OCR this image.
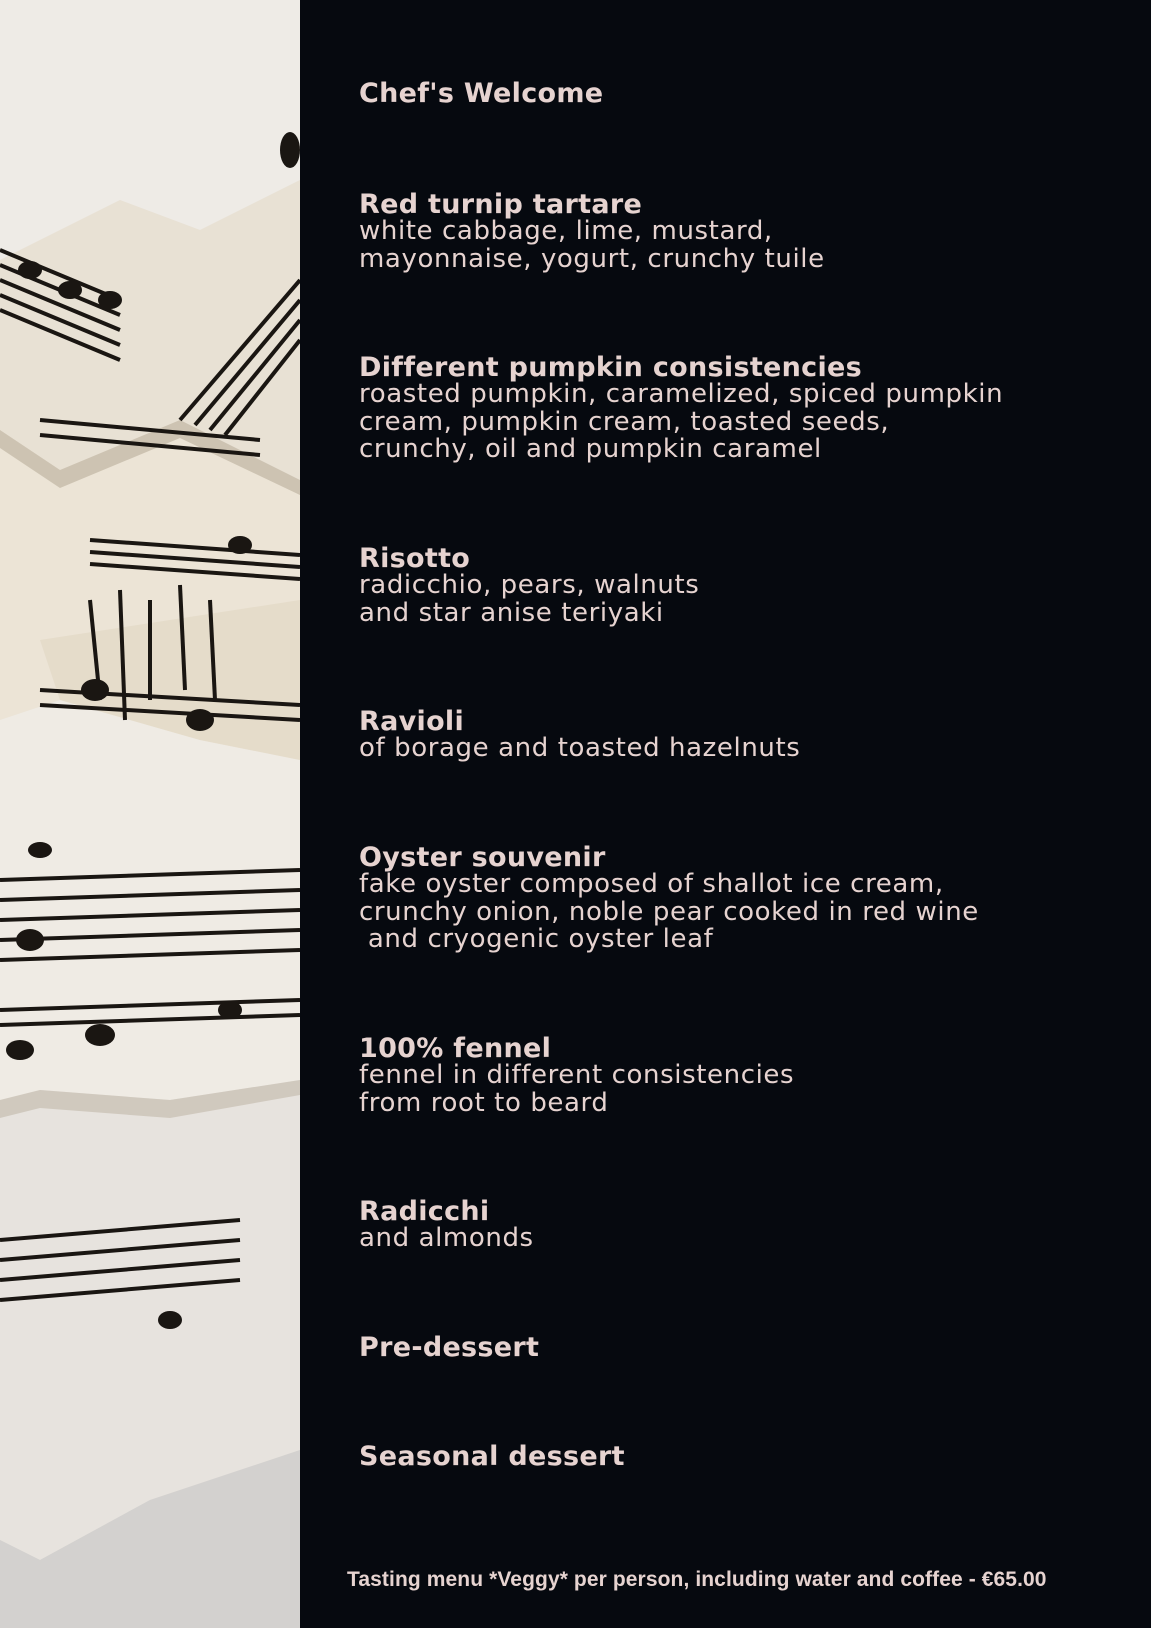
Chef's Welcome
Red turnip tartare
white cabbage, lime, mustard,
mayonnaise, yogurt, crunchy tuile
Different pumpkin consistencies
roasted pumpkin, caramelized, spiced pumpkin
cream, pumpkin cream, toasted seeds,
crunchy, oil and pumpkin caramel
Risotto
radicchio, pears, walnuts
and star anise teriyaki
Ravioli
of borage and toasted hazelnuts
Oyster souvenir
fake oyster composed of shallot ice cream,
crunchy onion, noble pear cooked in red wine
and cryogenic oyster leaf
100% fennel
fennel in different consistencies
from root to beard
Radicchi
and almonds
Pre-dessert
Seasonal dessert
Tasting menu *Veggy* per person, including water and coffee - €65.00
